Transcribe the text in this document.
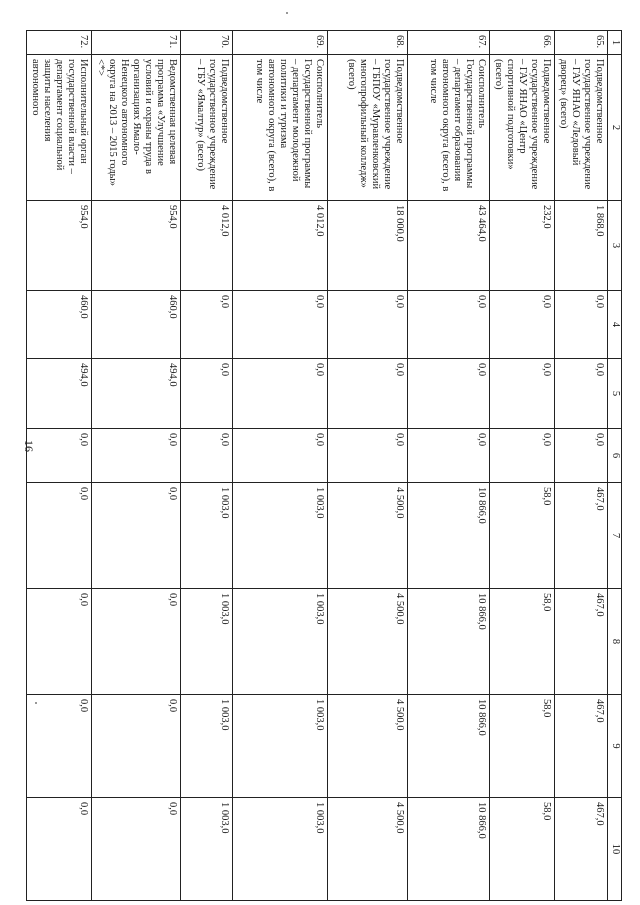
16
1	2	3	4	5	6	7	8	9	10
65.	Подведомственное государственное учреждение – ГАУ ЯНАО «Ледовый дворец» (всего)	1 868,0	0,0	0,0	0,0	467,0	467,0	467,0	467,0
66.	Подведомственное государственное учреждение – ГАУ ЯНАО «Центр спортивной подготовки» (всего)	232,0	0,0	0,0	0,0	58,0	58,0	58,0	58,0
67.	Соисполнитель Государственной программы – департамент образования автономного округа (всего), в том числе	43 464,0	0,0	0,0	0,0	10 866,0	10 866,0	10 866,0	10 866,0
68.	Подведомственное государственное учреждение – ГБПОУ «Муравленковский многопрофильный колледж» (всего)	18 000,0	0,0	0,0	0,0	4 500,0	4 500,0	4 500,0	4 500,0
69.	Соисполнитель Государственной программы – департамент молодежной политики и туризма автономного округа (всего), в том числе	4 012,0	0,0	0,0	0,0	1 003,0	1 003,0	1 003,0	1 003,0
70.	Подведомственное государственное учреждение – ГБУ «Ямалтур» (всего)	4 012,0	0,0	0,0	0,0	1 003,0	1 003,0	1 003,0	1 003,0
71.	Ведомственная целевая программа «Улучшение условий и охраны труда в организациях Ямало-Ненецкого автономного округа на 2013 – 2015 годы» <*>	954,0	460,0	494,0	0,0	0,0	0,0	0,0	0,0
72.	Исполнительный орган государственной власти – департамент социальной защиты населения автономного	954,0	460,0	494,0	0,0	0,0	0,0	0,0	0,0
